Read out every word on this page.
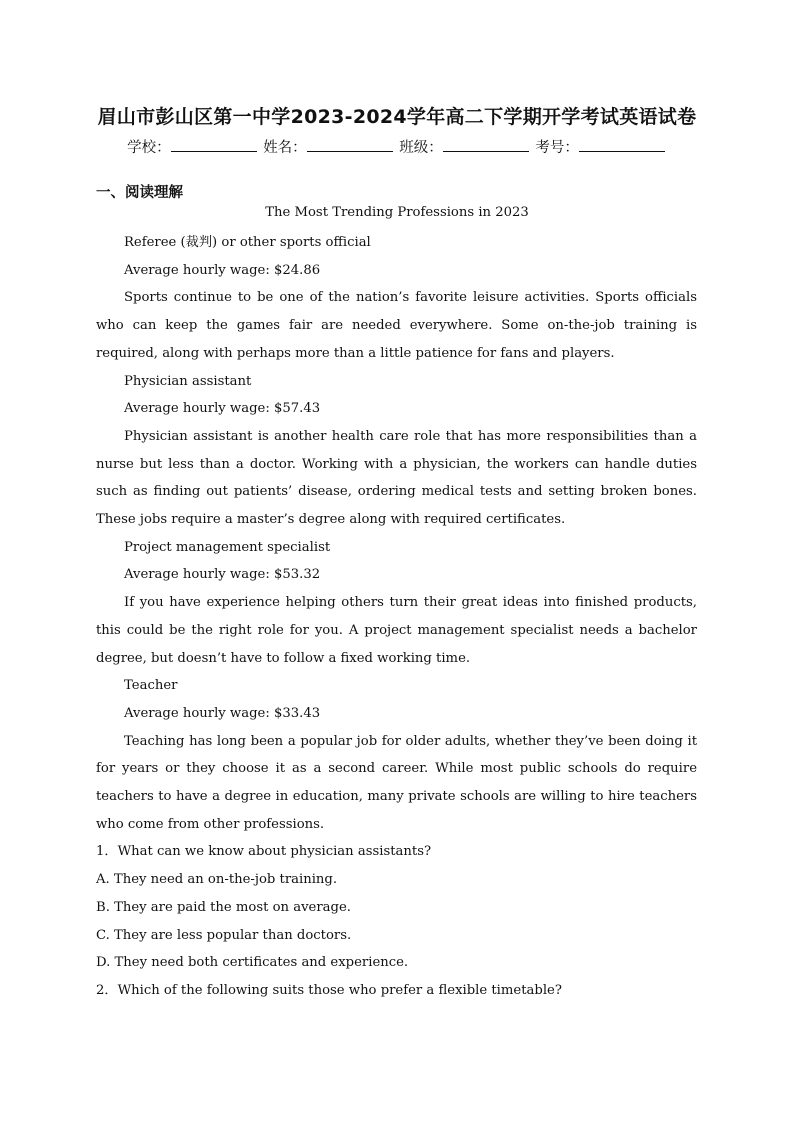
眉山市彭山区第一中学2023-2024学年高二下学期开学考试英语试卷
学校：	姓名：	班级：	考号：
一、阅读理解
The Most Trending Professions in 2023

Referee (裁判) or other sports official

Average hourly wage: $24.86

Sports continue to be one of the nation’s favorite leisure activities. Sports officials who can keep the games fair are needed everywhere. Some on-the-job training is required, along with perhaps more than a little patience for fans and players.

Physician assistant

Average hourly wage: $57.43

Physician assistant is another health care role that has more responsibilities than a nurse but less than a doctor. Working with a physician, the workers can handle duties such as finding out patients’ disease, ordering medical tests and setting broken bones. These jobs require a master’s degree along with required certificates.

Project management specialist

Average hourly wage: $53.32

If you have experience helping others turn their great ideas into finished products, this could be the right role for you. A project management specialist needs a bachelor degree, but doesn’t have to follow a fixed working time.

Teacher

Average hourly wage: $33.43

Teaching has long been a popular job for older adults, whether they’ve been doing it for years or they choose it as a second career. While most public schools do require teachers to have a degree in education, many private schools are willing to hire teachers who come from other professions.

1．What can we know about physician assistants?

A. They need an on-the-job training.

B. They are paid the most on average.

C. They are less popular than doctors.

D. They need both certificates and experience.

2．Which of the following suits those who prefer a flexible timetable?
